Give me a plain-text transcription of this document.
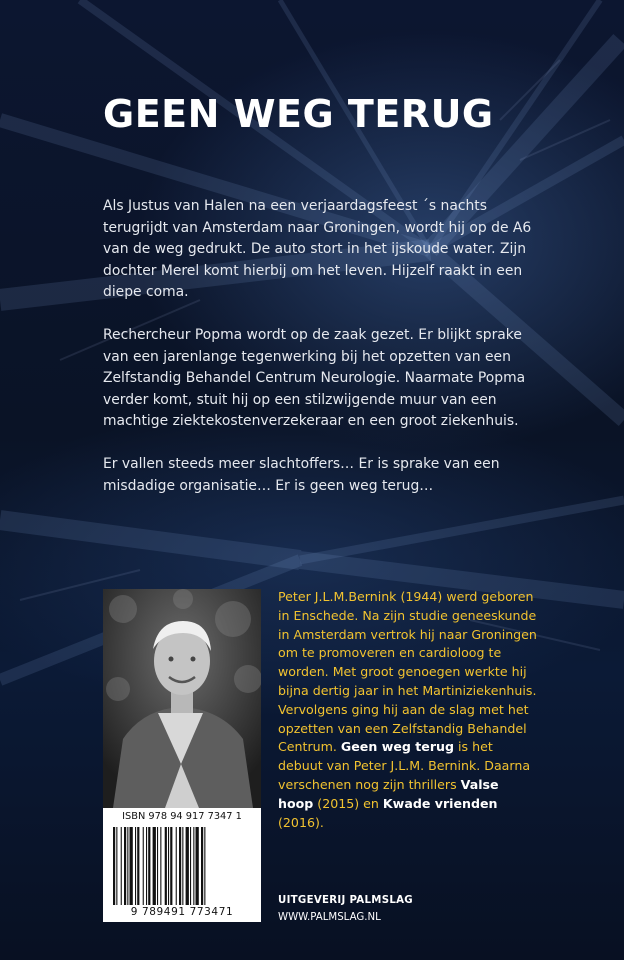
GEEN WEG TERUG

Als Justus van Halen na een verjaardagsfeest ´s nachts terugrijdt van Amsterdam naar Groningen, wordt hij op de A6 van de weg gedrukt. De auto stort in het ijskoude water. Zijn dochter Merel komt hierbij om het leven. Hijzelf raakt in een diepe coma.

Rechercheur Popma wordt op de zaak gezet. Er blijkt sprake van een jarenlange tegenwerking bij het opzetten van een Zelfstandig Behandel Centrum Neurologie. Naarmate Popma verder komt, stuit hij op een stilzwijgende muur van een machtige ziektekostenverzekeraar en een groot ziekenhuis.

Er vallen steeds meer slachtoffers… Er is sprake van een misdadige organisatie… Er is geen weg terug…

ISBN 978 94 917 7347 1
9 789491 773471
Peter J.L.M.Bernink (1944) werd geboren in Enschede. Na zijn studie geneeskunde in Amsterdam vertrok hij naar Groningen om te promoveren en cardioloog te worden. Met groot genoegen werkte hij bijna dertig jaar in het Martiniziekenhuis. Vervolgens ging hij aan de slag met het opzetten van een Zelfstandig Behandel Centrum. Geen weg terug is het debuut van Peter J.L.M. Bernink. Daarna verschenen nog zijn thrillers Valse hoop (2015) en Kwade vrienden (2016).
UITGEVERIJ PALMSLAG
WWW.PALMSLAG.NL
